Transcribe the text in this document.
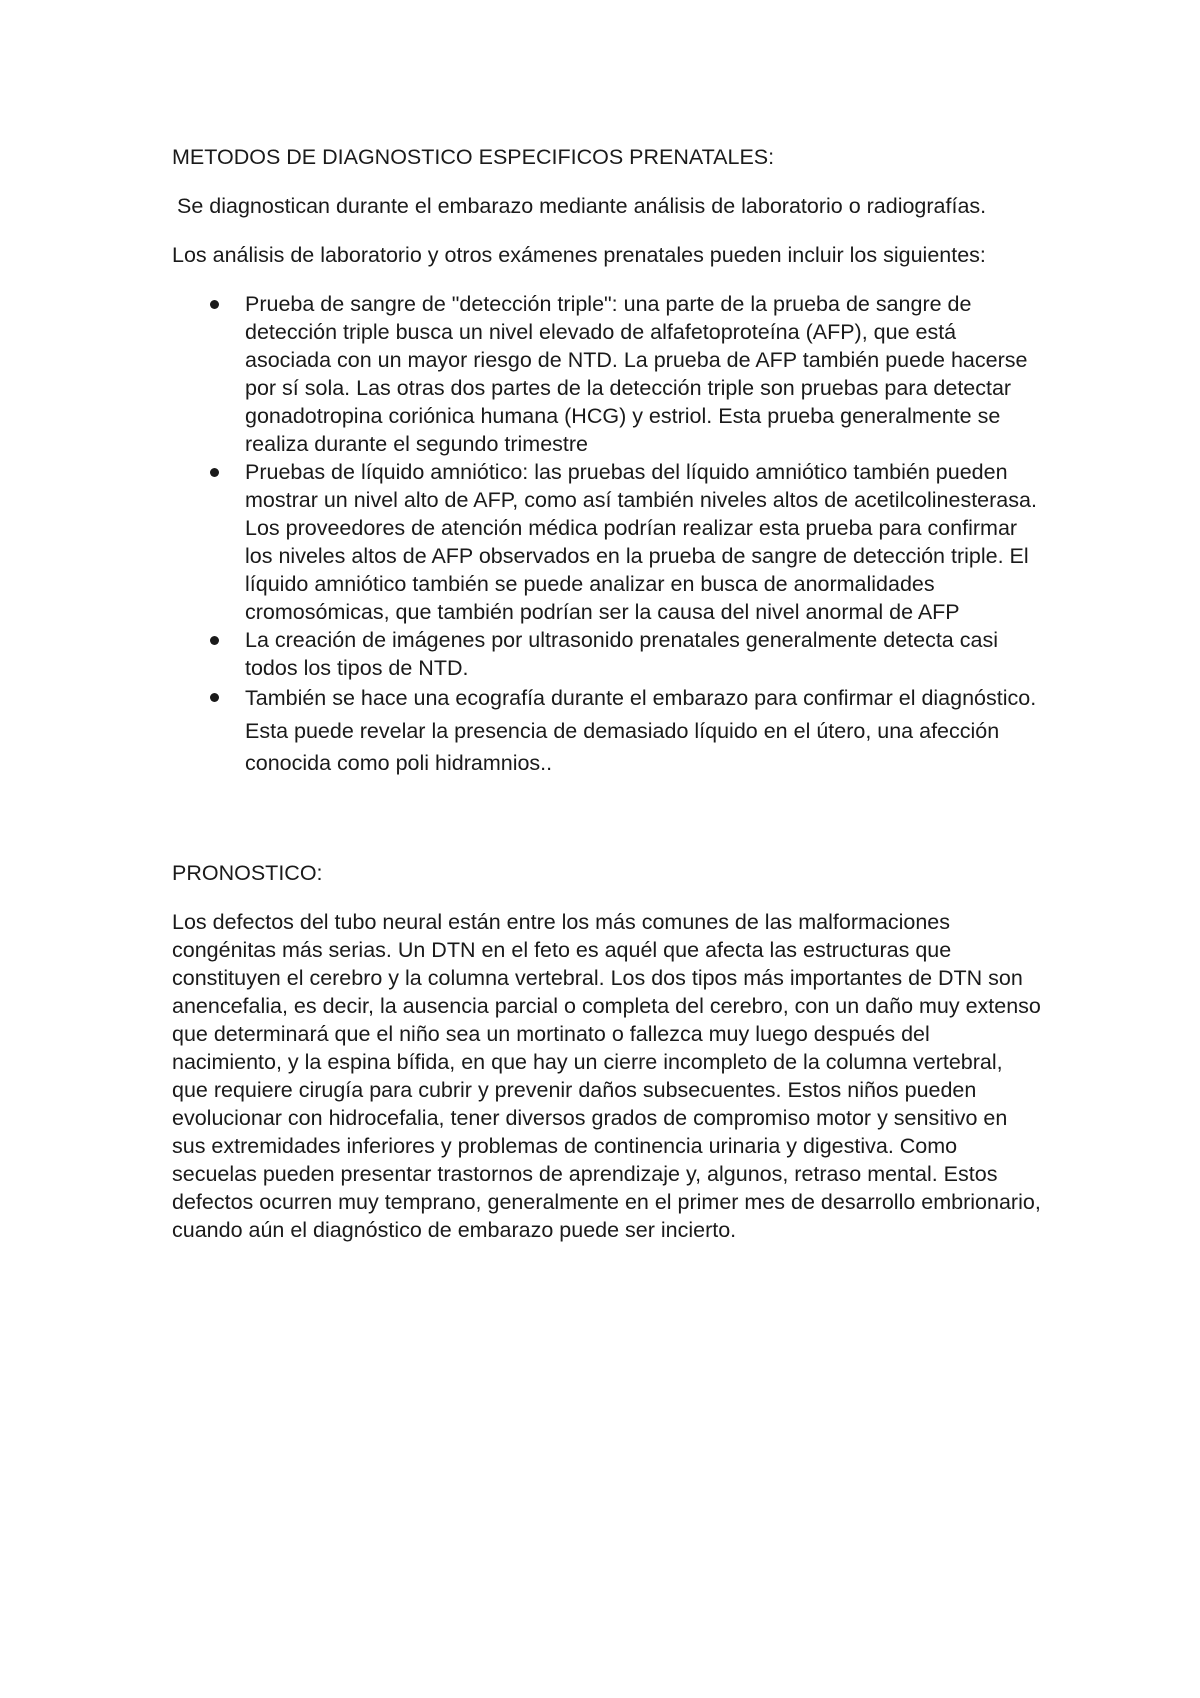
METODOS DE DIAGNOSTICO ESPECIFICOS PRENATALES:

Se diagnostican durante el embarazo mediante análisis de laboratorio o radiografías.

Los análisis de laboratorio y otros exámenes prenatales pueden incluir los siguientes:

Prueba de sangre de "detección triple": una parte de la prueba de sangre de detección triple busca un nivel elevado de alfafetoproteína (AFP), que está asociada con un mayor riesgo de NTD. La prueba de AFP también puede hacerse por sí sola. Las otras dos partes de la detección triple son pruebas para detectar gonadotropina coriónica humana (HCG) y estriol. Esta prueba generalmente se realiza durante el segundo trimestre
Pruebas de líquido amniótico: las pruebas del líquido amniótico también pueden mostrar un nivel alto de AFP, como así también niveles altos de acetilcolinesterasa. Los proveedores de atención médica podrían realizar esta prueba para confirmar los niveles altos de AFP observados en la prueba de sangre de detección triple. El líquido amniótico también se puede analizar en busca de anormalidades cromosómicas, que también podrían ser la causa del nivel anormal de AFP
La creación de imágenes por ultrasonido prenatales generalmente detecta casi todos los tipos de NTD.
También se hace una ecografía durante el embarazo para confirmar el diagnóstico. Esta puede revelar la presencia de demasiado líquido en el útero, una afección conocida como poli hidramnios..
PRONOSTICO:

Los defectos del tubo neural están entre los más comunes de las malformaciones congénitas más serias. Un DTN en el feto es aquél que afecta las estructuras que constituyen el cerebro y la columna vertebral. Los dos tipos más importantes de DTN son anencefalia, es decir, la ausencia parcial o completa del cerebro, con un daño muy extenso que determinará que el niño sea un mortinato o fallezca muy luego después del nacimiento, y la espina bífida, en que hay un cierre incompleto de la columna vertebral, que requiere cirugía para cubrir y prevenir daños subsecuentes. Estos niños pueden evolucionar con hidrocefalia, tener diversos grados de compromiso motor y sensitivo en sus extremidades inferiores y problemas de continencia urinaria y digestiva. Como secuelas pueden presentar trastornos de aprendizaje y, algunos, retraso mental. Estos defectos ocurren muy temprano, generalmente en el primer mes de desarrollo embrionario, cuando aún el diagnóstico de embarazo puede ser incierto.
